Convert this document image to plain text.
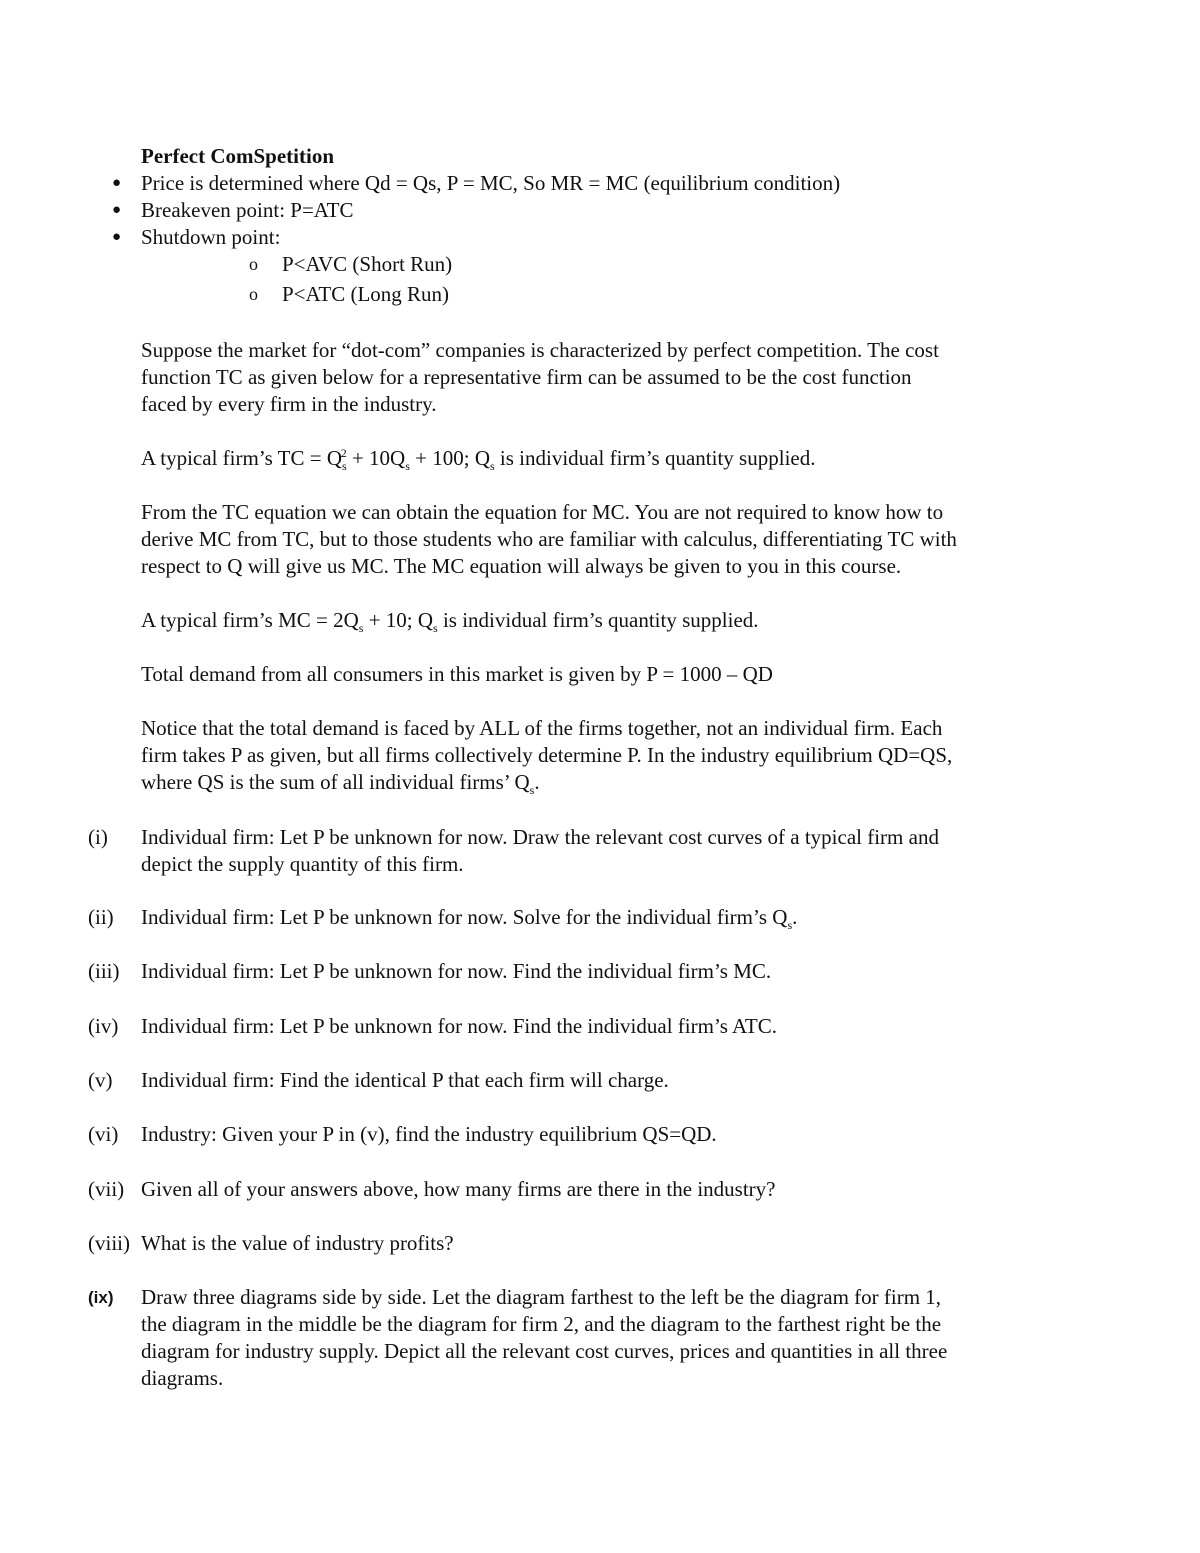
Perfect ComSpetition
● Price is determined where Qd = Qs, P = MC, So MR = MC (equilibrium condition)
● Breakeven point: P=ATC
● Shutdown point:
o P<AVC (Short Run)
o P<ATC (Long Run)
Suppose the market for “dot-com” companies is characterized by perfect competition. The cost
function TC as given below for a representative firm can be assumed to be the cost function
faced by every firm in the industry.
A typical firm’s TC = $Q_s^2 + 10Q_s + 100$; $Q_s$ is individual firm’s quantity supplied.
From the TC equation we can obtain the equation for MC. You are not required to know how to
derive MC from TC, but to those students who are familiar with calculus, differentiating TC with
respect to Q will give us MC. The MC equation will always be given to you in this course.
A typical firm’s MC = $2Q_s + 10$; $Q_s$ is individual firm’s quantity supplied.
Total demand from all consumers in this market is given by P = 1000 – QD
Notice that the total demand is faced by ALL of the firms together, not an individual firm. Each
firm takes P as given, but all firms collectively determine P. In the industry equilibrium QD=QS,
where QS is the sum of all individual firms’ $Q_s$.
(i) Individual firm: Let P be unknown for now. Draw the relevant cost curves of a typical firm and
depict the supply quantity of this firm.
(ii) Individual firm: Let P be unknown for now. Solve for the individual firm’s $Q_s$.
(iii) Individual firm: Let P be unknown for now. Find the individual firm’s MC.
(iv) Individual firm: Let P be unknown for now. Find the individual firm’s ATC.
(v) Individual firm: Find the identical P that each firm will charge.
(vi) Industry: Given your P in (v), find the industry equilibrium QS=QD.
(vii) Given all of your answers above, how many firms are there in the industry?
(viii) What is the value of industry profits?
(ix) Draw three diagrams side by side. Let the diagram farthest to the left be the diagram for firm 1,
the diagram in the middle be the diagram for firm 2, and the diagram to the farthest right be the
diagram for industry supply. Depict all the relevant cost curves, prices and quantities in all three
diagrams.
